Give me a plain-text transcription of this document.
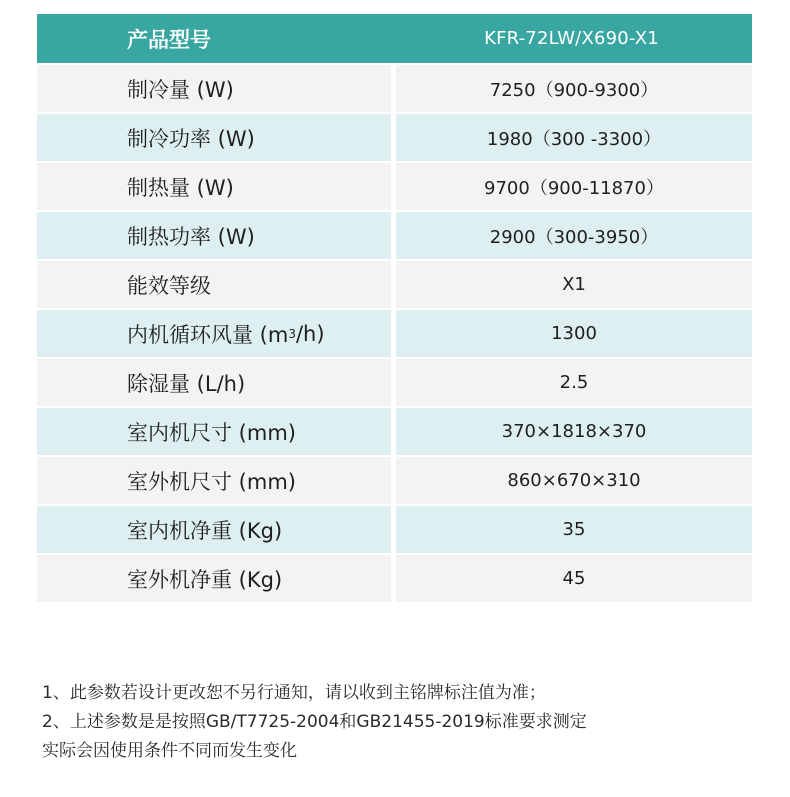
产品型号	KFR-72LW/X690-X1
制冷量 (W)	7250（900-9300）
制冷功率 (W)	1980（300 -3300）
制热量 (W)	9700（900-11870）
制热功率 (W)	2900（300-3950）
能效等级	X1
内机循环风量 (m 3 /h)	1300
除湿量 (L/h)	2.5
室内机尺寸 (mm)	370×1818×370
室外机尺寸 (mm)	860×670×310
室内机净重 (Kg)	35
室外机净重 (Kg)	45
1、此参数若设计更改恕不另行通知，请以收到主铭牌标注值为准；
2、上述参数是是按照GB/T7725-2004和GB21455-2019标准要求测定
实际会因使用条件不同而发生变化
